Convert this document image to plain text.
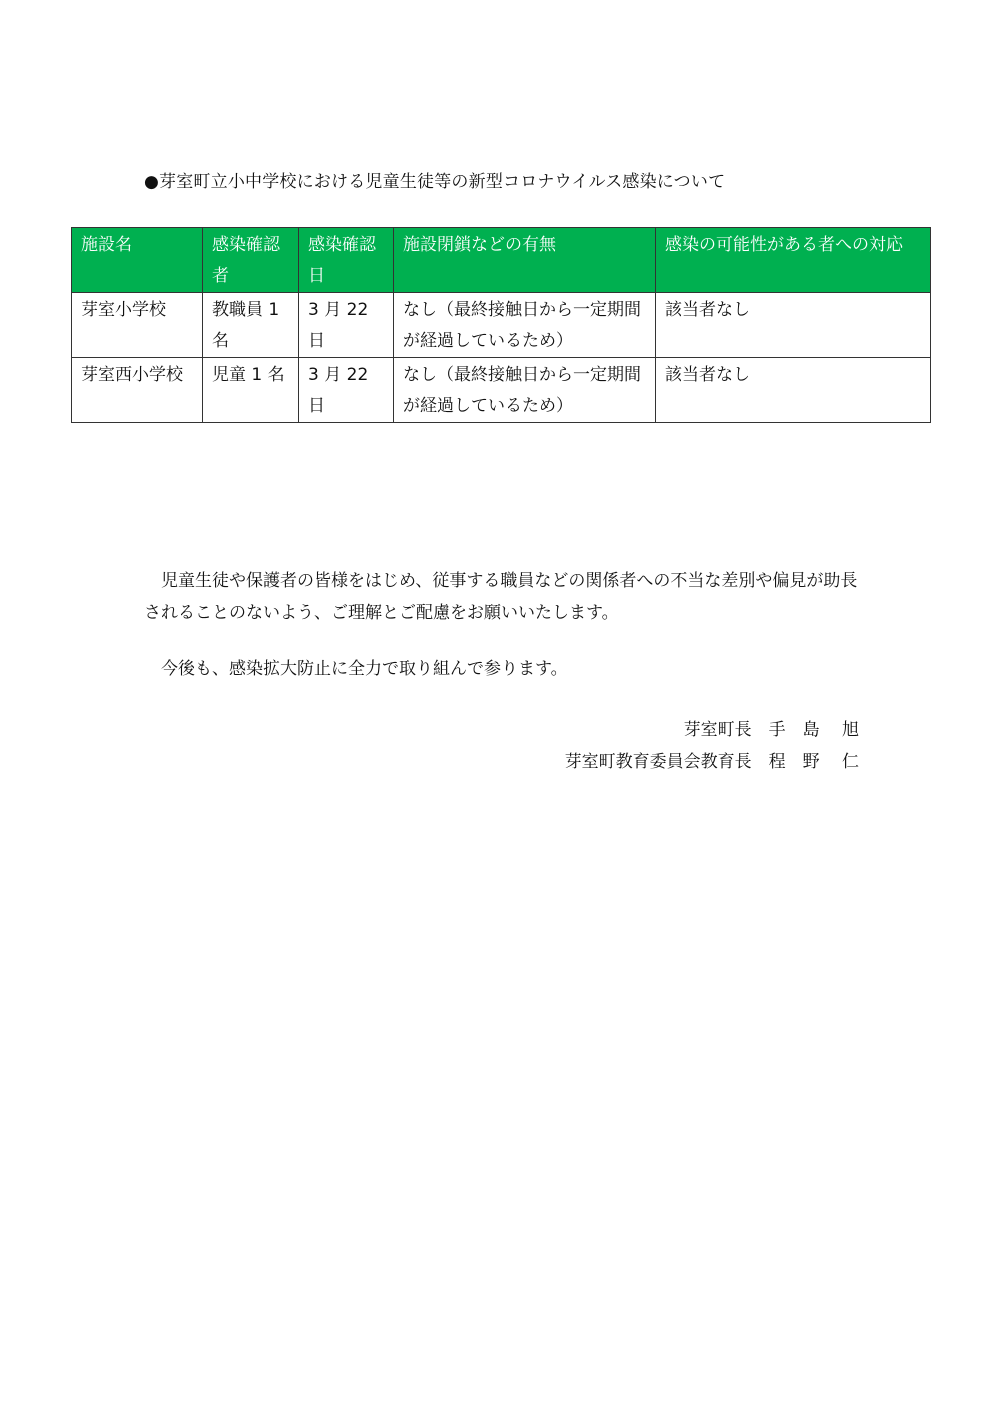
●芽室町立小中学校における児童生徒等の新型コロナウイルス感染について
施設名	感染確認者	感染確認日	施設閉鎖などの有無	感染の可能性がある者への対応
芽室小学校	教職員 1 名	3 月 22 日	なし（最終接触日から一定期間が経過しているため）	該当者なし
芽室西小学校	児童 1 名	3 月 22 日	なし（最終接触日から一定期間が経過しているため）	該当者なし

児童生徒や保護者の皆様をはじめ、従事する職員などの関係者への不当な差別や偏見が助長されることのないよう、ご理解とご配慮をお願いいたします。

今後も、感染拡大防止に全力で取り組んで参ります。

芽室町長　手　島　 旭
芽室町教育委員会教育長　程　野　 仁
